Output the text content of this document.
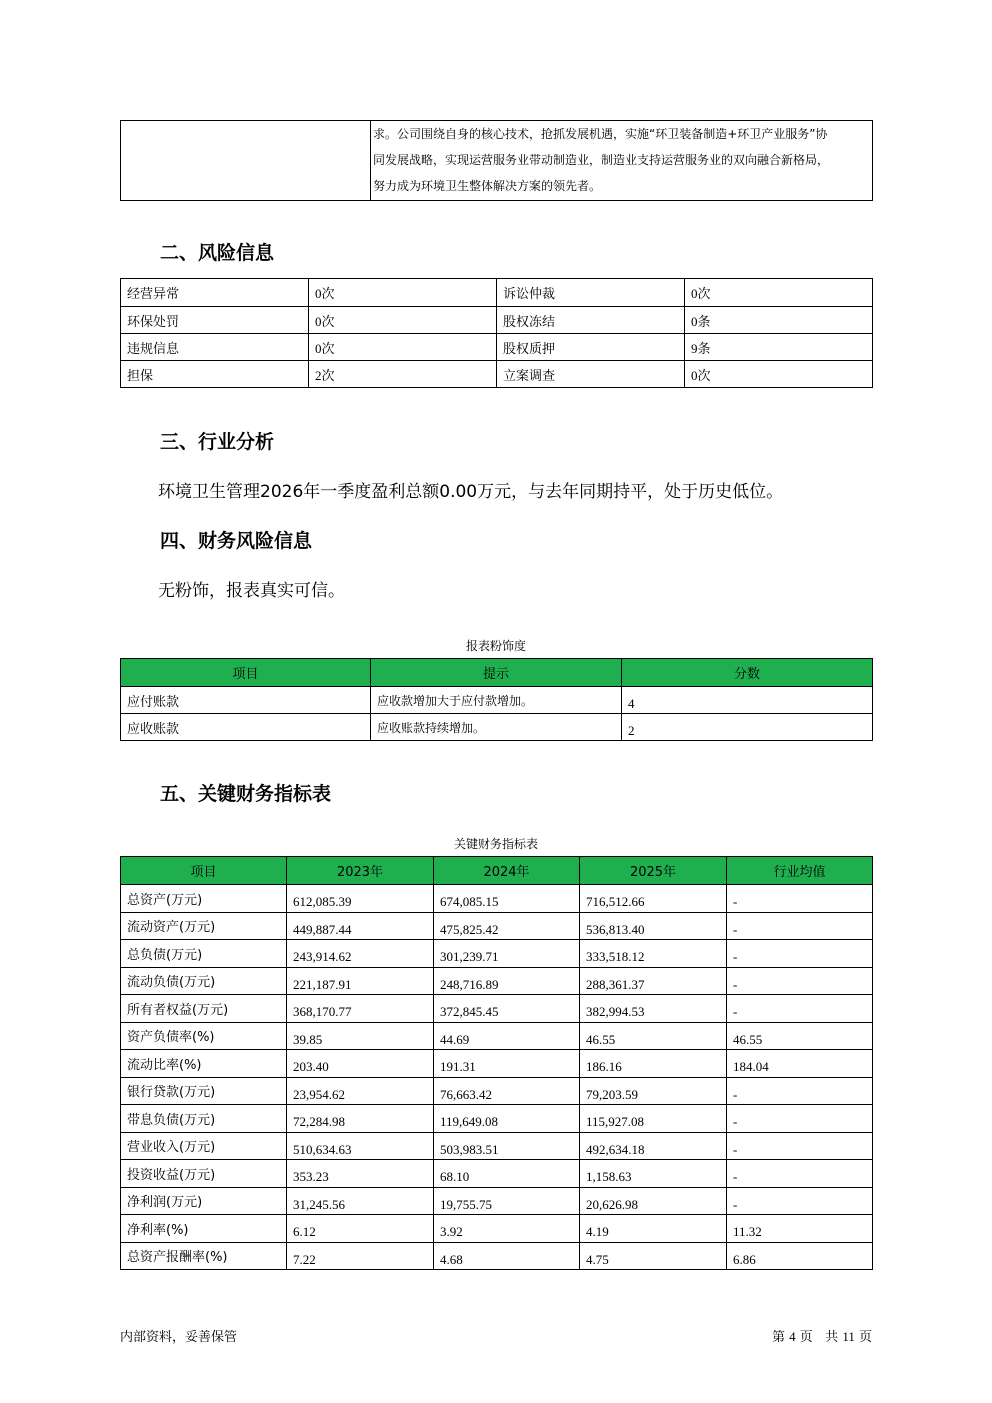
求。公司围绕自身的核心技术，抢抓发展机遇，实施“环卫装备制造+环卫产业服务”协
同发展战略，实现运营服务业带动制造业，制造业支持运营服务业的双向融合新格局，
努力成为环境卫生整体解决方案的领先者。
二、风险信息
经营异常	0次	诉讼仲裁	0次
环保处罚	0次	股权冻结	0条
违规信息	0次	股权质押	9条
担保	2次	立案调查	0次
三、行业分析
环境卫生管理2026年一季度盈利总额0.00万元，与去年同期持平，处于历史低位。
四、财务风险信息
无粉饰，报表真实可信。
报表粉饰度
项目	提示	分数
应付账款	应收款增加大于应付款增加。	4
应收账款	应收账款持续增加。	2
五、关键财务指标表
关键财务指标表
项目	2023年	2024年	2025年	行业均值
总资产(万元)	612,085.39	674,085.15	716,512.66	-
流动资产(万元)	449,887.44	475,825.42	536,813.40	-
总负债(万元)	243,914.62	301,239.71	333,518.12	-
流动负债(万元)	221,187.91	248,716.89	288,361.37	-
所有者权益(万元)	368,170.77	372,845.45	382,994.53	-
资产负债率(%)	39.85	44.69	46.55	46.55
流动比率(%)	203.40	191.31	186.16	184.04
银行贷款(万元)	23,954.62	76,663.42	79,203.59	-
带息负债(万元)	72,284.98	119,649.08	115,927.08	-
营业收入(万元)	510,634.63	503,983.51	492,634.18	-
投资收益(万元)	353.23	68.10	1,158.63	-
净利润(万元)	31,245.56	19,755.75	20,626.98	-
净利率(%)	6.12	3.92	4.19	11.32
总资产报酬率(%)	7.22	4.68	4.75	6.86
内部资料，妥善保管	第 4 页 共 11 页
